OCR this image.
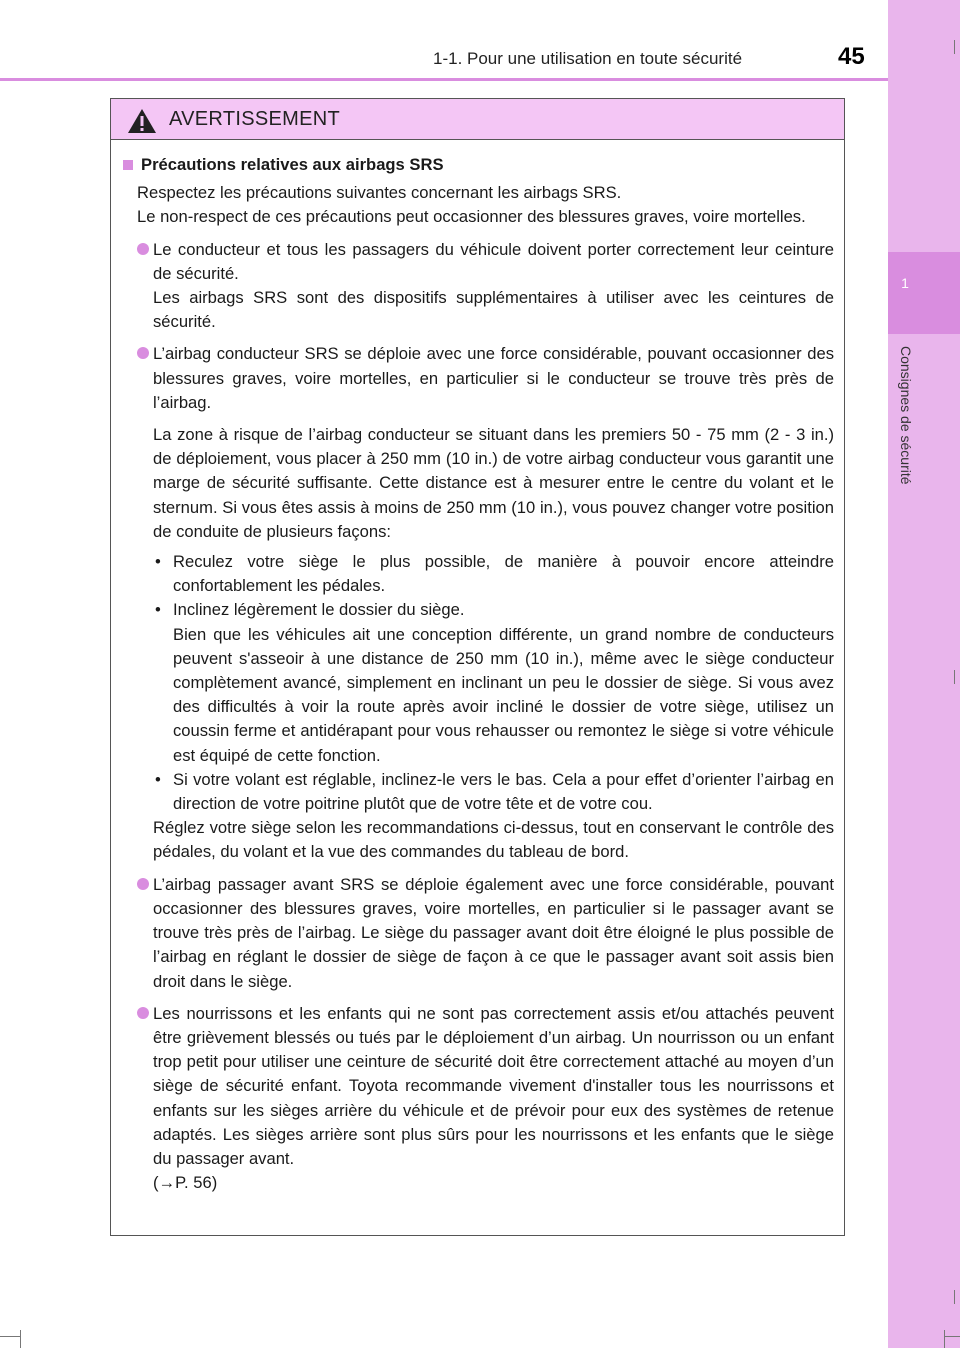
1
Consignes de sécurité
1-1. Pour une utilisation en toute sécurité	45
AVERTISSEMENT
Précautions relatives aux airbags SRS
Respectez les précautions suivantes concernant les airbags SRS.
Le non-respect de ces précautions peut occasionner des blessures graves, voire mortelles.
Le conducteur et tous les passagers du véhicule doivent porter correctement leur ceinture de sécurité.
Les airbags SRS sont des dispositifs supplémentaires à utiliser avec les ceintures de sécurité.
L’airbag conducteur SRS se déploie avec une force considérable, pouvant occasionner des blessures graves, voire mortelles, en particulier si le conducteur se trouve très près de l’airbag.
La zone à risque de l’airbag conducteur se situant dans les premiers 50 - 75 mm (2 - 3 in.) de déploiement, vous placer à 250 mm (10 in.) de votre airbag conducteur vous garantit une marge de sécurité suffisante. Cette distance est à mesurer entre le centre du volant et le sternum. Si vous êtes assis à moins de 250 mm (10 in.), vous pouvez changer votre position de conduite de plusieurs façons:
• Reculez votre siège le plus possible, de manière à pouvoir encore atteindre confortablement les pédales.
• Inclinez légèrement le dossier du siège.
Bien que les véhicules ait une conception différente, un grand nombre de conducteurs peuvent s'asseoir à une distance de 250 mm (10 in.), même avec le siège conducteur complètement avancé, simplement en inclinant un peu le dossier de siège. Si vous avez des difficultés à voir la route après avoir incliné le dossier de votre siège, utilisez un coussin ferme et antidérapant pour vous rehausser ou remontez le siège si votre véhicule est équipé de cette fonction.
• Si votre volant est réglable, inclinez-le vers le bas. Cela a pour effet d’orienter l’airbag en direction de votre poitrine plutôt que de votre tête et de votre cou.
Réglez votre siège selon les recommandations ci-dessus, tout en conservant le contrôle des pédales, du volant et la vue des commandes du tableau de bord.
L’airbag passager avant SRS se déploie également avec une force considérable, pouvant occasionner des blessures graves, voire mortelles, en particulier si le passager avant se trouve très près de l’airbag. Le siège du passager avant doit être éloigné le plus possible de l’airbag en réglant le dossier de siège de façon à ce que le passager avant soit assis bien droit dans le siège.
Les nourrissons et les enfants qui ne sont pas correctement assis et/ou attachés peuvent être grièvement blessés ou tués par le déploiement d’un airbag. Un nourrisson ou un enfant trop petit pour utiliser une ceinture de sécurité doit être correctement attaché au moyen d’un siège de sécurité enfant. Toyota recommande vivement d'installer tous les nourrissons et enfants sur les sièges arrière du véhicule et de prévoir pour eux des systèmes de retenue adaptés. Les sièges arrière sont plus sûrs pour les nourrissons et les enfants que le siège du passager avant.
(→P. 56)
